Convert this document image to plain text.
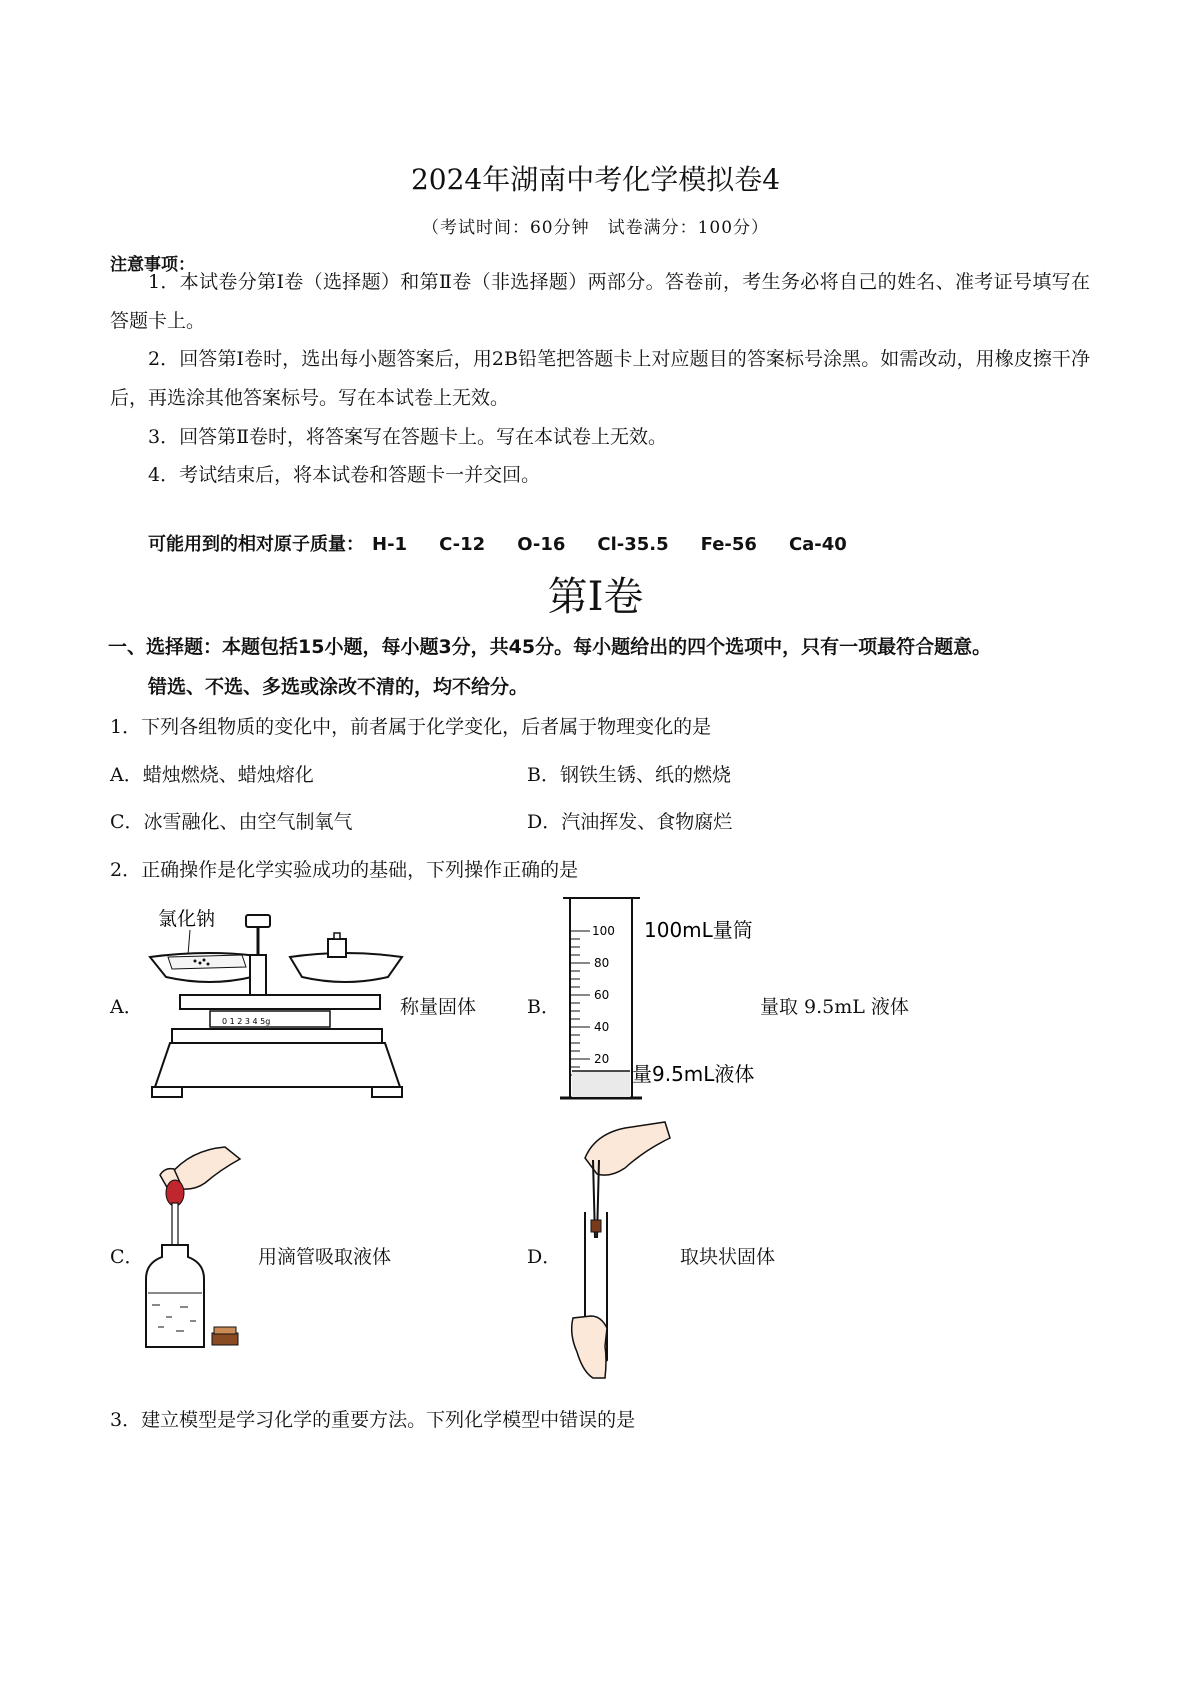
2024年湖南中考化学模拟卷4
（考试时间：60分钟　试卷满分：100分）
注意事项：
1．本试卷分第Ⅰ卷（选择题）和第Ⅱ卷（非选择题）两部分。答卷前，考生务必将自己的姓名、准考证号填写在答题卡上。
2．回答第Ⅰ卷时，选出每小题答案后，用2B铅笔把答题卡上对应题目的答案标号涂黑。如需改动，用橡皮擦干净后，再选涂其他答案标号。写在本试卷上无效。
3．回答第Ⅱ卷时，将答案写在答题卡上。写在本试卷上无效。
4．考试结束后，将本试卷和答题卡一并交回。
可能用到的相对原子质量： H-1 C-12 O-16 Cl-35.5 Fe-56 Ca-40
第Ⅰ卷
一、选择题：本题包括15小题，每小题3分，共45分。每小题给出的四个选项中，只有一项最符合题意。
错选、不选、多选或涂改不清的，均不给分。
1．下列各组物质的变化中，前者属于化学变化，后者属于物理变化的是
A．蜡烛燃烧、蜡烛熔化	B．钢铁生锈、纸的燃烧
C．冰雪融化、由空气制氧气	D．汽油挥发、食物腐烂
2．正确操作是化学实验成功的基础，下列操作正确的是
A．
氯化钠
0 1 2 3 4 5g
称量固体	B．
100
80
60
40
20
100mL量筒
量9.5mL液体
量取 9.5mL 液体
C．	用滴管吸取液体	D．	取块状固体
3．建立模型是学习化学的重要方法。下列化学模型中错误的是
